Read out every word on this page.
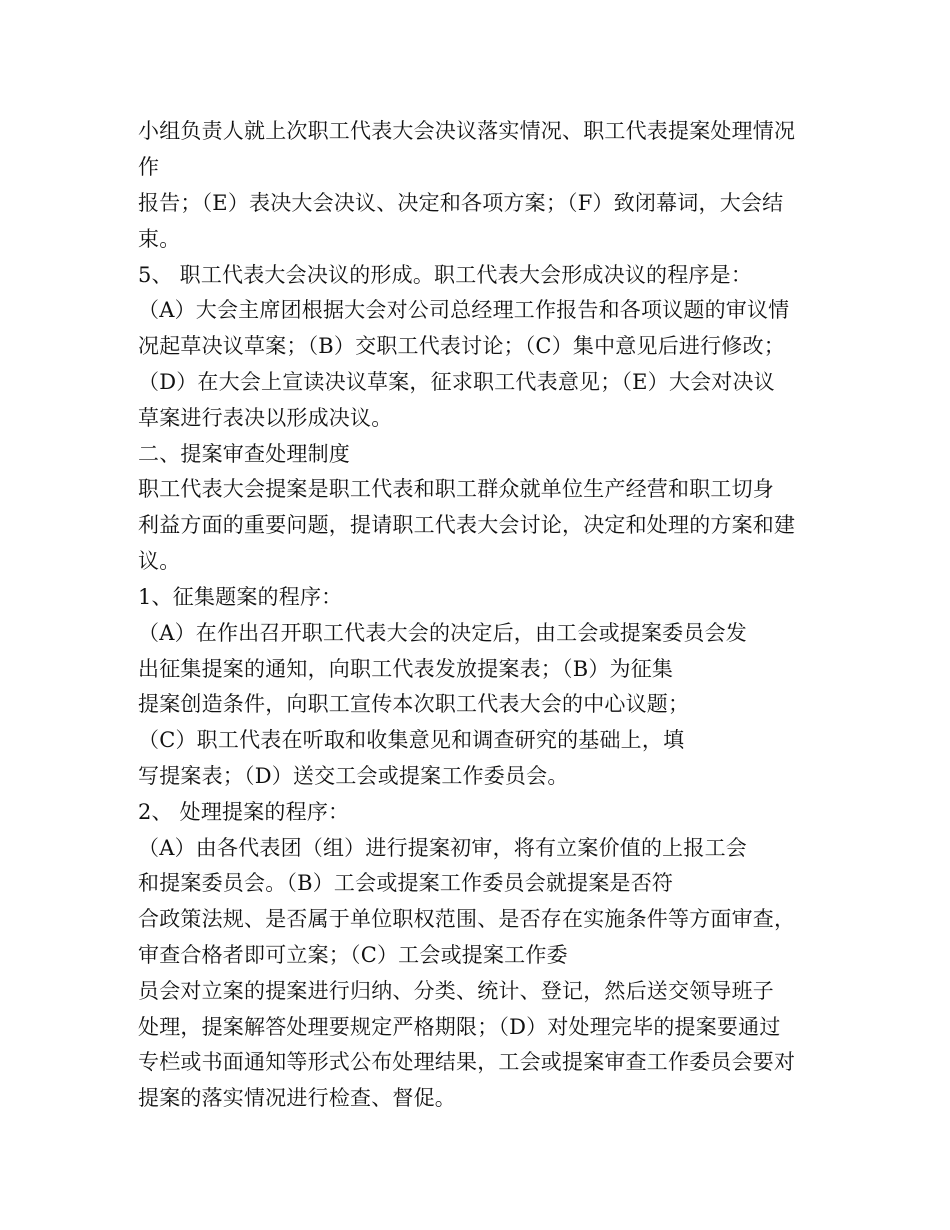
小组负责人就上次职工代表大会决议落实情况、职工代表提案处理情况
作
报告；（E）表决大会决议、决定和各项方案；（F）致闭幕词，大会结
束。
5、 职工代表大会决议的形成。职工代表大会形成决议的程序是：
（A）大会主席团根据大会对公司总经理工作报告和各项议题的审议情
况起草决议草案；（B）交职工代表讨论；（C）集中意见后进行修改；
（D）在大会上宣读决议草案，征求职工代表意见；（E）大会对决议
草案进行表决以形成决议。
二、提案审查处理制度
职工代表大会提案是职工代表和职工群众就单位生产经营和职工切身
利益方面的重要问题，提请职工代表大会讨论，决定和处理的方案和建
议。
1、征集题案的程序：
（A）在作出召开职工代表大会的决定后，由工会或提案委员会发
出征集提案的通知，向职工代表发放提案表；（B）为征集
提案创造条件，向职工宣传本次职工代表大会的中心议题；
（C）职工代表在听取和收集意见和调查研究的基础上，填
写提案表；（D）送交工会或提案工作委员会。
2、 处理提案的程序：
（A）由各代表团（组）进行提案初审，将有立案价值的上报工会
和提案委员会。（B）工会或提案工作委员会就提案是否符
合政策法规、是否属于单位职权范围、是否存在实施条件等方面审查，
审查合格者即可立案；（C）工会或提案工作委
员会对立案的提案进行归纳、分类、统计、登记，然后送交领导班子
处理，提案解答处理要规定严格期限；（D）对处理完毕的提案要通过
专栏或书面通知等形式公布处理结果，工会或提案审查工作委员会要对
提案的落实情况进行检查、督促。
